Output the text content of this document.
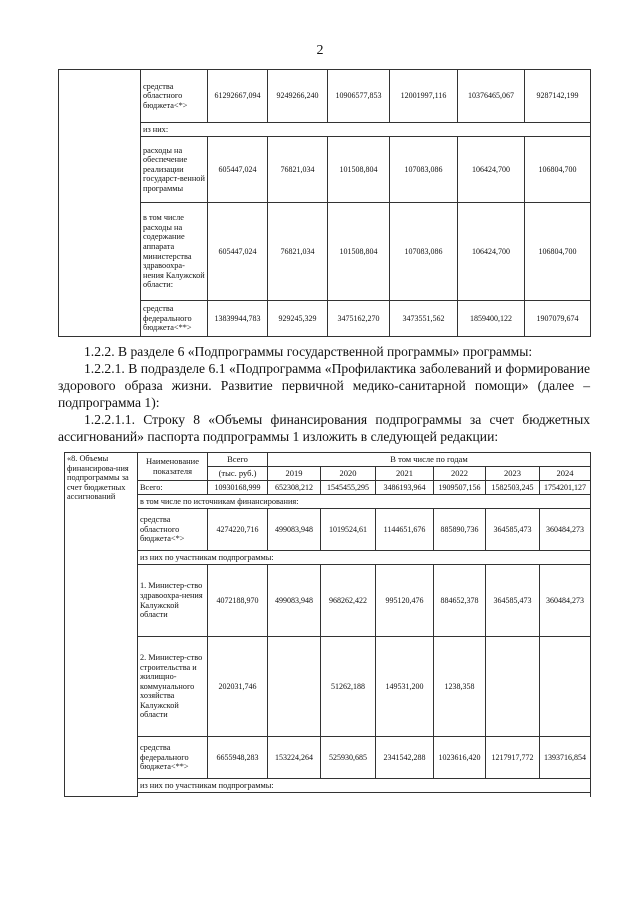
2
	средства областного бюджета<*>	61292667,094	9249266,240	10906577,853	12001997,116	10376465,067	9287142,199
	из них:						
	расходы на обеспечение реализации государст-венной программы	605447,024	76821,034	101508,804	107083,086	106424,700	106804,700
	в том числе расходы на содержание аппарата министерства здравоохра-нения Калужской области:	605447,024	76821,034	101508,804	107083,086	106424,700	106804,700
	средства федерального бюджета<**>	13839944,783	929245,329	3475162,270	3473551,562	1859400,122	1907079,674
1.2.2. В разделе 6 «Подпрограммы государственной программы» программы:
1.2.2.1. В подразделе 6.1 «Подпрограмма «Профилактика заболеваний и формирование здорового образа жизни. Развитие первичной медико-санитарной помощи» (далее – подпрограмма 1):
1.2.2.1.1. Строку 8 «Объемы финансирования подпрограммы за счет бюджетных ассигнований» паспорта подпрограммы 1 изложить в следующей редакции:
«8. Объемы финансирова-ния подпрограммы за счет бюджетных ассигнований	Наименование показателя	Всего	В том числе по годам					
		(тыс. руб.)	2019	2020	2021	2022	2023	2024
	Всего:	10930168,999	652308,212	1545455,295	3486193,964	1909507,156	1582503,245	1754201,127
	в том числе по источникам финансирования:							
	средства областного бюджета<*>	4274220,716	499083,948	1019524,61	1144651,676	885890,736	364585,473	360484,273
	из них по участникам подпрограммы:							
	1. Министер-ство здравоохра-нения Калужской области	4072188,970	499083,948	968262,422	995120,476	884652,378	364585,473	360484,273
	2. Министер-ство строительства и жилищно-коммунального хозяйства Калужской области	202031,746		51262,188	149531,200	1238,358		
	средства федерального бюджета<**>	6655948,283	153224,264	525930,685	2341542,288	1023616,420	1217917,772	1393716,854
	из них по участникам подпрограммы:							
